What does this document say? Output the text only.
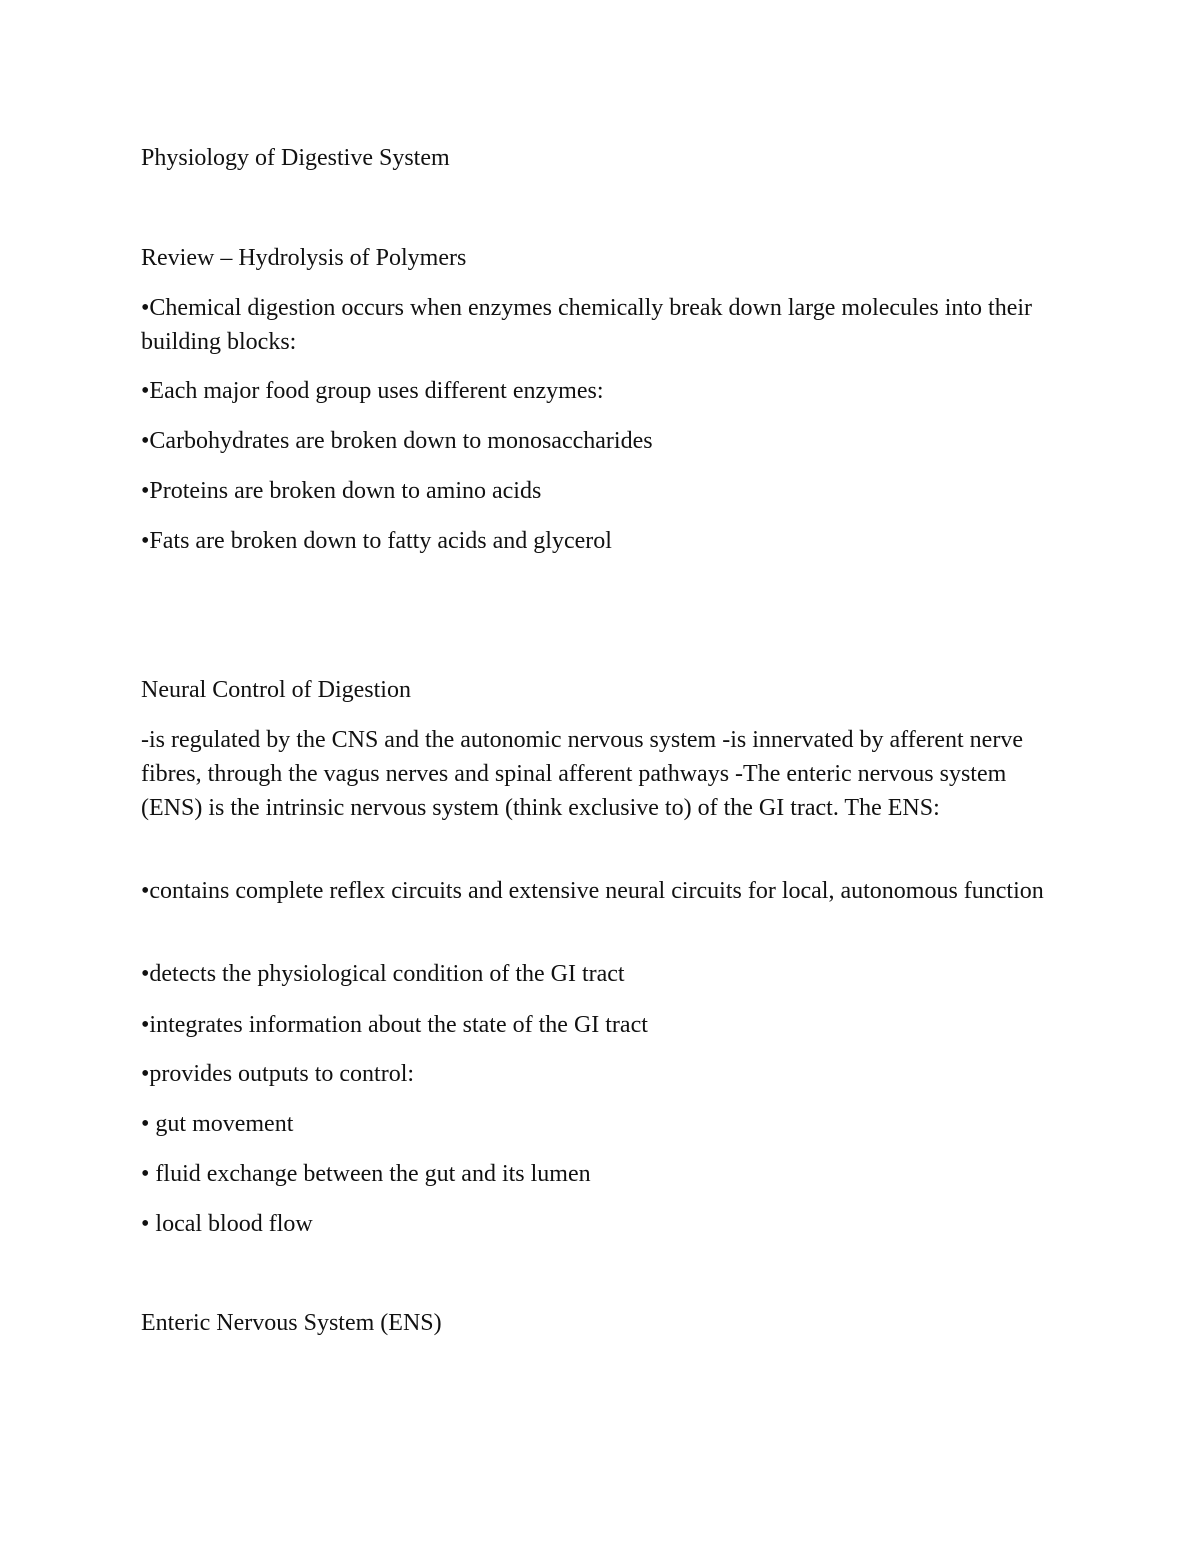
Physiology of Digestive System

Review – Hydrolysis of Polymers

•Chemical digestion occurs when enzymes chemically break down large molecules into their building blocks:

•Each major food group uses different enzymes:

•Carbohydrates are broken down to monosaccharides

•Proteins are broken down to amino acids

•Fats are broken down to fatty acids and glycerol

Neural Control of Digestion

-is regulated by the CNS and the autonomic nervous system -is innervated by afferent nerve fibres, through the vagus nerves and spinal afferent pathways -The enteric nervous system (ENS) is the intrinsic nervous system (think exclusive to) of the GI tract. The ENS:

•contains complete reflex circuits and extensive neural circuits for local, autonomous function

•detects the physiological condition of the GI tract

•integrates information about the state of the GI tract

•provides outputs to control:

• gut movement

• fluid exchange between the gut and its lumen

• local blood flow

Enteric Nervous System (ENS)
